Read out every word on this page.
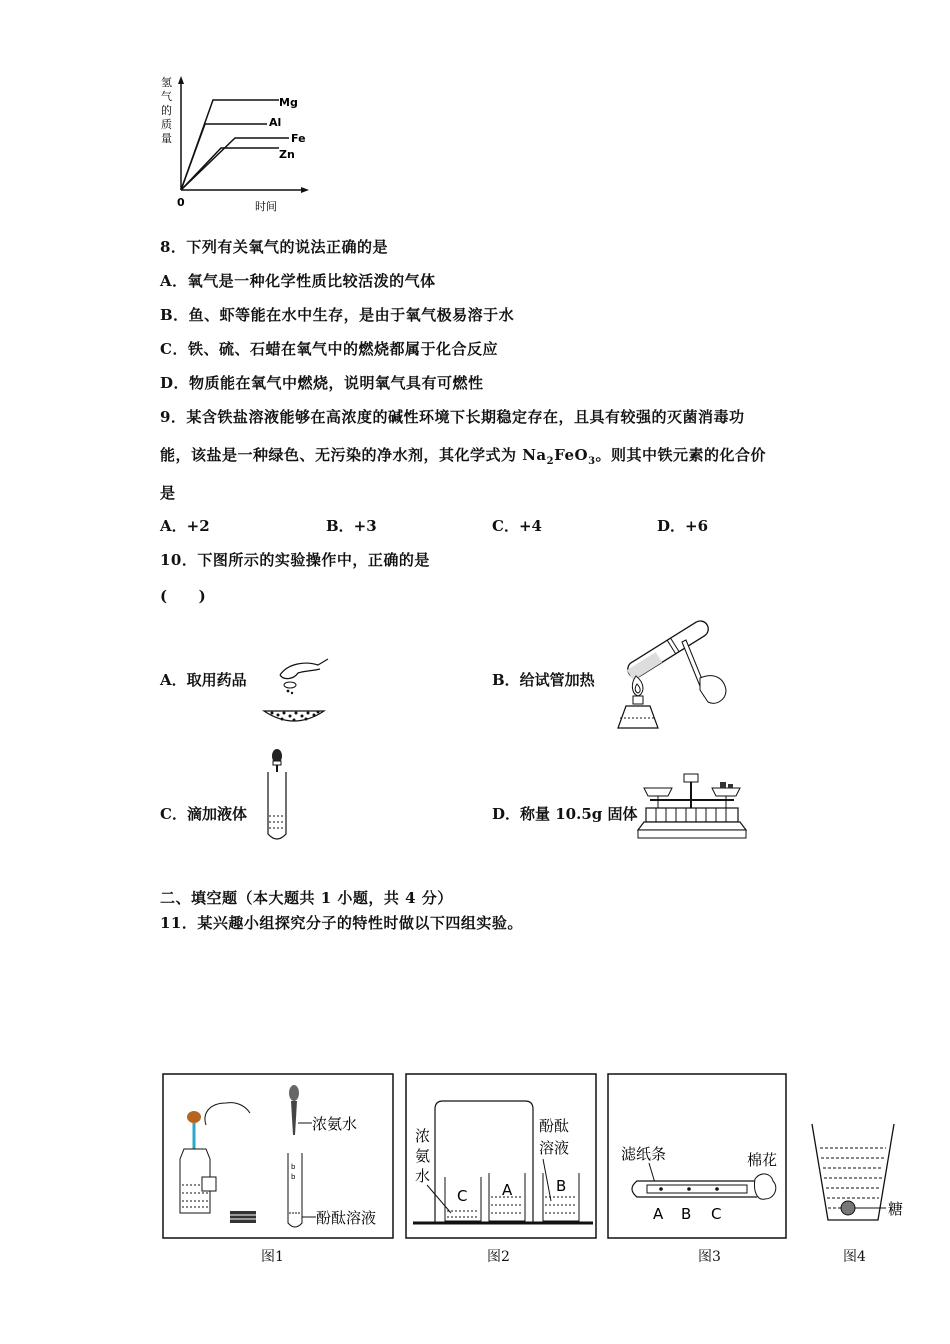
氢
气
的
质
量
Mg
Al
Fe
Zn
0	时间
8．下列有关氧气的说法正确的是
A．氧气是一种化学性质比较活泼的气体
B．鱼、虾等能在水中生存，是由于氧气极易溶于水
C．铁、硫、石蜡在氧气中的燃烧都属于化合反应
D．物质能在氧气中燃烧，说明氧气具有可燃性
9．某含铁盐溶液能够在高浓度的碱性环境下长期稳定存在，且具有较强的灭菌消毒功
能，该盐是一种绿色、无污染的净水剂，其化学式为 $Na_2FeO_3$。则其中铁元素的化合价
是
A．+2	B．+3	C．+4	D．+6
10．下图所示的实验操作中，正确的是
(　　)
A．取用药品	B．给试管加热
C．滴加液体	D．称量 10.5g 固体
二、填空题（本大题共 1 小题，共 4 分）
11．某兴趣小组探究分子的特性时做以下四组实验。
浓氨水
b
b
酚酞溶液
图1
C A	B
浓
氨
水
酚酞
溶液
图2
滤纸条	棉花
A B C
图3
糖
图4
